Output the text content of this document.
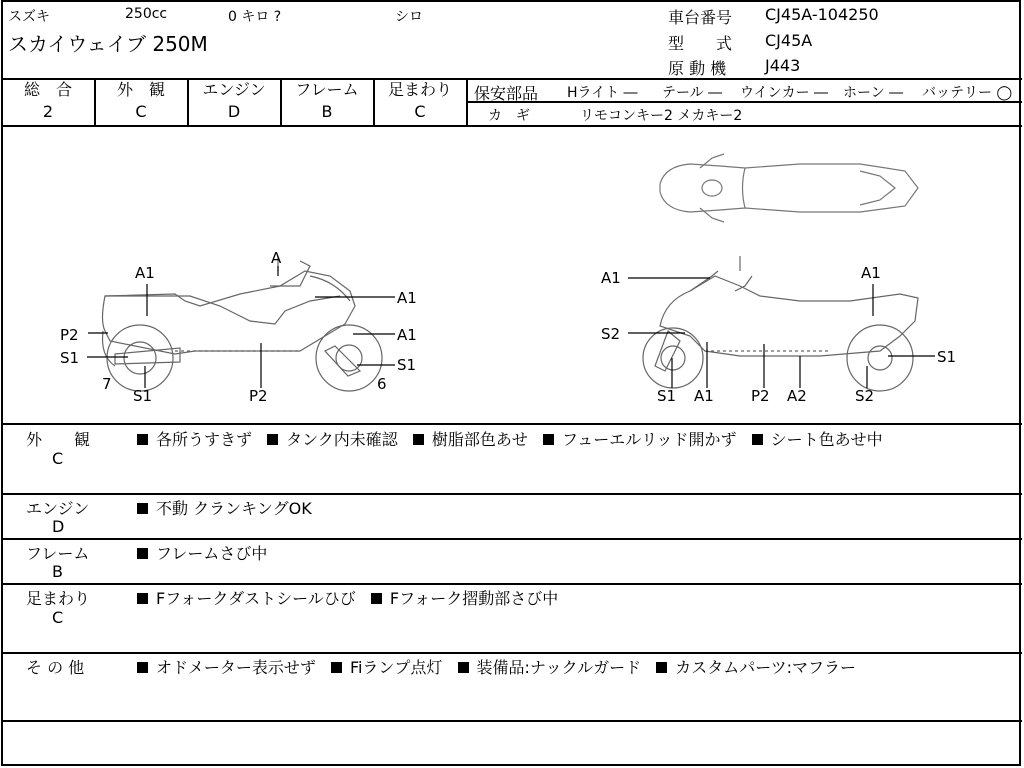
スズキ	250cc	0 キロ ?	シロ
スカイウェイブ 250M
車台番号 CJ45A-104250
型　　式 CJ45A
原 動 機 J443
総　合
2
外　観
C
エンジン
D
フレーム
B
足まわり
C
保安部品 Hライト ― テール ― ウインカー ― ホーン ― バッテリー ◯
カ　ギ	リモコンキー2 メカキー2
A
A1
A1
P2	A1
S1	S1
7
S1	P2
6
A1	A1
S2
S1
S1 A1 P2 A2	S2
外　　観
C
各所うすきず タンク内未確認 樹脂部色あせ フューエルリッド開かず シート色あせ中
エンジン
D
不動 クランキングOK
フレーム
B
フレームさび中
足まわり
C
Fフォークダストシールひび Fフォーク摺動部さび中
そ の 他	オドメーター表示せず Fiランプ点灯 装備品:ナックルガード カスタムパーツ:マフラー
